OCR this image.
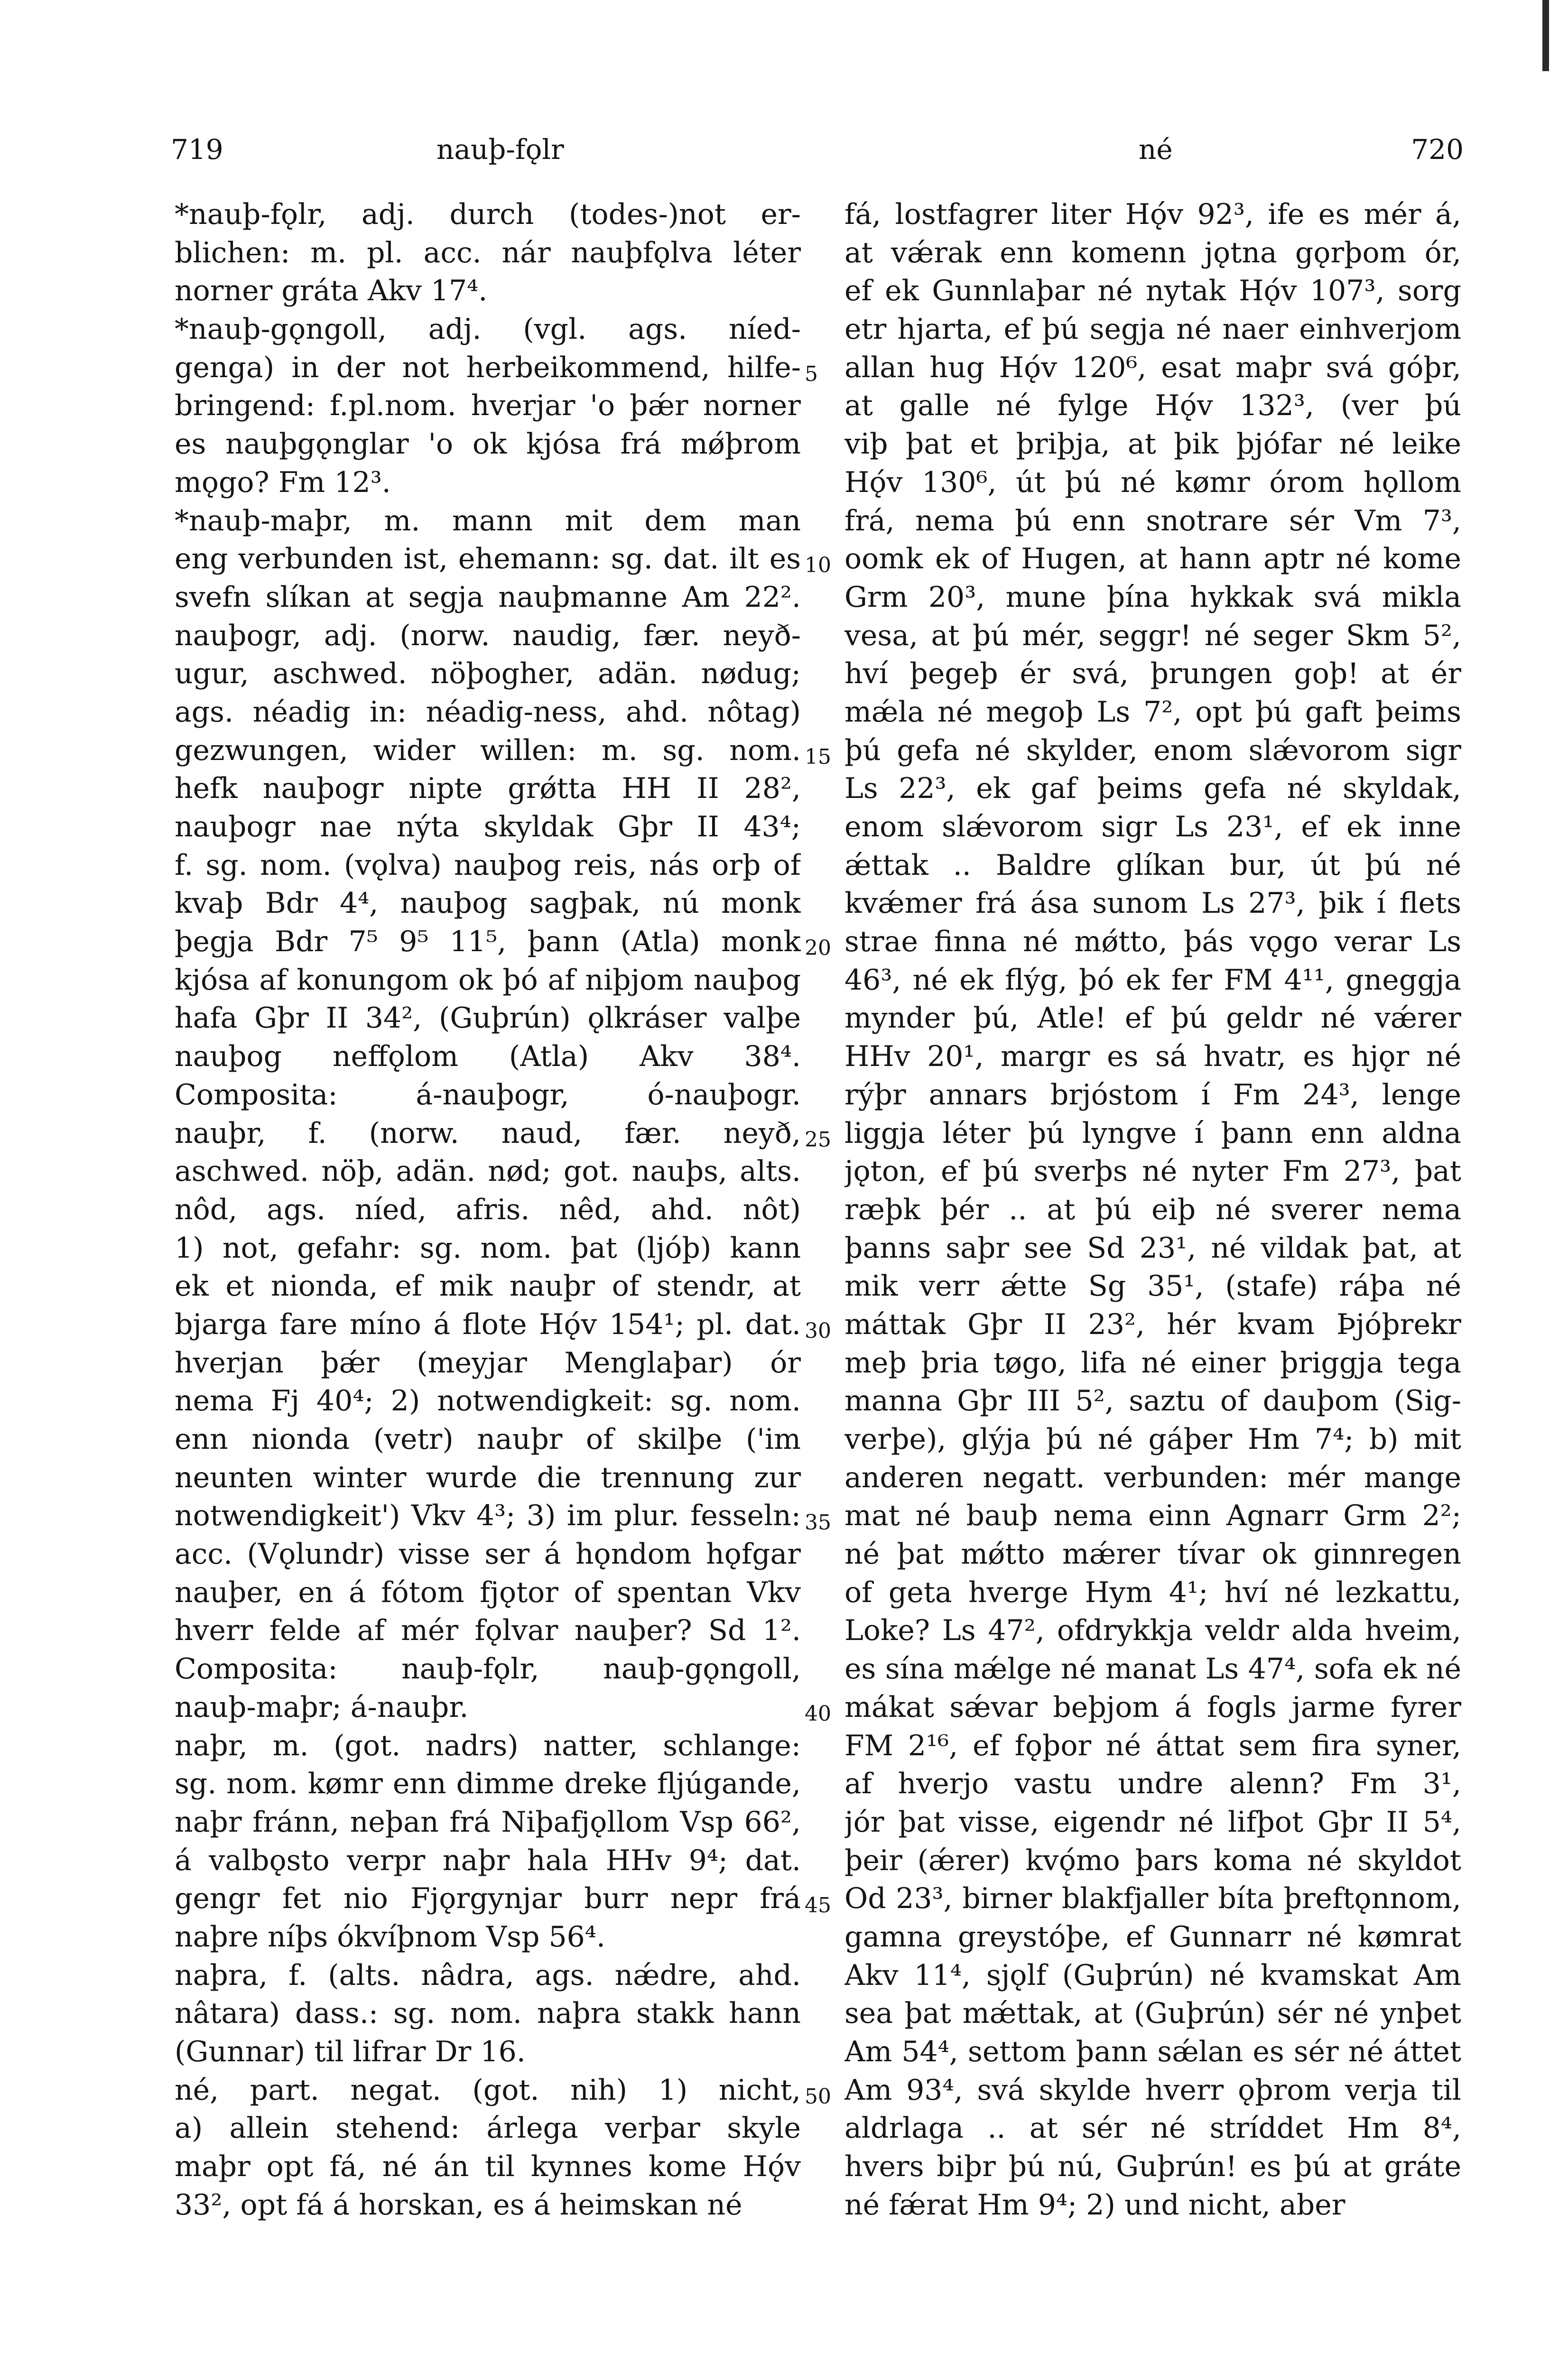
719	nauþ-fǫlr	né	720
*nauþ-fǫlr, adj. durch (todes-)not er-
blichen: m. pl. acc. nár nauþfǫlva léter
norner gráta Akv 17⁴.
*nauþ-gǫngoll, adj. (vgl. ags. níed-
genga) in der not herbeikommend, hilfe-
bringend: f.pl.nom. hverjar 'o þǽr norner
es nauþgǫnglar 'o ok kjósa frá mǿþrom
mǫgo? Fm 12³.
*nauþ-maþr, m. mann mit dem man
eng verbunden ist, ehemann: sg. dat. ilt es
svefn slíkan at segja nauþmanne Am 22².
nauþogr, adj. (norw. naudig, fær. neyð-
ugur, aschwed. nöþogher, adän. nødug;
ags. néadig in: néadig-ness, ahd. nôtag)
gezwungen, wider willen: m. sg. nom.
hefk nauþogr nipte grǿtta HH II 28²,
nauþogr nae nýta skyldak Gþr II 43⁴;
f. sg. nom. (vǫlva) nauþog reis, nás orþ of
kvaþ Bdr 4⁴, nauþog sagþak, nú monk
þegja Bdr 7⁵ 9⁵ 11⁵, þann (Atla) monk
kjósa af konungom ok þó af niþjom nauþog
hafa Gþr II 34², (Guþrún) ǫlkráser valþe
nauþog neffǫlom (Atla) Akv 38⁴.
Composita: á-nauþogr, ó-nauþogr.
nauþr, f. (norw. naud, fær. neyð,
aschwed. nöþ, adän. nød; got. nauþs, alts.
nôd, ags. níed, afris. nêd, ahd. nôt)
1) not, gefahr: sg. nom. þat (ljóþ) kann
ek et nionda, ef mik nauþr of stendr, at
bjarga fare míno á flote Hǫ́v 154¹; pl. dat.
hverjan þǽr (meyjar Menglaþar) ór
nema Fj 40⁴; 2) notwendigkeit: sg. nom.
enn nionda (vetr) nauþr of skilþe ('im
neunten winter wurde die trennung zur
notwendigkeit') Vkv 4³; 3) im plur. fesseln:
acc. (Vǫlundr) visse ser á hǫndom hǫfgar
nauþer, en á fótom fjǫtor of spentan Vkv
hverr felde af mér fǫlvar nauþer? Sd 1².
Composita: nauþ-fǫlr, nauþ-gǫngoll,
nauþ-maþr; á-nauþr.
naþr, m. (got. nadrs) natter, schlange:
sg. nom. kømr enn dimme dreke fljúgande,
naþr fránn, neþan frá Niþafjǫllom Vsp 66²,
á valbǫsto verpr naþr hala HHv 9⁴; dat.
gengr fet nio Fjǫrgynjar burr nepr frá
naþre níþs ókvíþnom Vsp 56⁴.
naþra, f. (alts. nâdra, ags. nǽdre, ahd.
nâtara) dass.: sg. nom. naþra stakk hann
(Gunnar) til lifrar Dr 16.
né, part. negat. (got. nih) 1) nicht,
a) allein stehend: árlega verþar skyle
maþr opt fá, né án til kynnes kome Hǫ́v
33², opt fá á horskan, es á heimskan né
5
10
15
20
25
30
35
40
45
50
fá, lostfagrer liter Hǫ́v 92³, ife es mér á,
at vǽrak enn komenn jǫtna gǫrþom ór,
ef ek Gunnlaþar né nytak Hǫ́v 107³, sorg
etr hjarta, ef þú segja né naer einhverjom
allan hug Hǫ́v 120⁶, esat maþr svá góþr,
at galle né fylge Hǫ́v 132³, (ver þú
viþ þat et þriþja, at þik þjófar né leike
Hǫ́v 130⁶, út þú né kømr órom hǫllom
frá, nema þú enn snotrare sér Vm 7³,
oomk ek of Hugen, at hann aptr né kome
Grm 20³, mune þína hykkak svá mikla
vesa, at þú mér, seggr! né seger Skm 5²,
hví þegeþ ér svá, þrungen goþ! at ér
mǽla né megoþ Ls 7², opt þú gaft þeims
þú gefa né skylder, enom slǽvorom sigr
Ls 22³, ek gaf þeims gefa né skyldak,
enom slǽvorom sigr Ls 23¹, ef ek inne
ǽttak .. Baldre glíkan bur, út þú né
kvǽmer frá ása sunom Ls 27³, þik í flets
strae finna né mǿtto, þás vǫgo verar Ls
46³, né ek flýg, þó ek fer FM 4¹¹, gneggja
mynder þú, Atle! ef þú geldr né vǽrer
HHv 20¹, margr es sá hvatr, es hjǫr né
rýþr annars brjóstom í Fm 24³, lenge
liggja léter þú lyngve í þann enn aldna
jǫton, ef þú sverþs né nyter Fm 27³, þat
ræþk þér .. at þú eiþ né sverer nema
þanns saþr see Sd 23¹, né vildak þat, at
mik verr ǽtte Sg 35¹, (stafe) ráþa né
máttak Gþr II 23², hér kvam Þjóþrekr
meþ þria tøgo, lifa né einer þriggja tega
manna Gþr III 5², saztu of dauþom (Sig-
verþe), glýja þú né gáþer Hm 7⁴; b) mit
anderen negatt. verbunden: mér mange
mat né bauþ nema einn Agnarr Grm 2²;
né þat mǿtto mǽrer tívar ok ginnregen
of geta hverge Hym 4¹; hví né lezkattu,
Loke? Ls 47², ofdrykkja veldr alda hveim,
es sína mǽlge né manat Ls 47⁴, sofa ek né
mákat sǽvar beþjom á fogls jarme fyrer
FM 2¹⁶, ef fǫþor né áttat sem fira syner,
af hverjo vastu undre alenn? Fm 3¹,
jór þat visse, eigendr né lifþot Gþr II 5⁴,
þeir (ǽrer) kvǫ́mo þars koma né skyldot
Od 23³, birner blakfjaller bíta þreftǫnnom,
gamna greystóþe, ef Gunnarr né kømrat
Akv 11⁴, sjǫlf (Guþrún) né kvamskat Am
sea þat mǽttak, at (Guþrún) sér né ynþet
Am 54⁴, settom þann sǽlan es sér né áttet
Am 93⁴, svá skylde hverr ǫþrom verja til
aldrlaga .. at sér né stríddet Hm 8⁴,
hvers biþr þú nú, Guþrún! es þú at gráte
né fǽrat Hm 9⁴; 2) und nicht, aber
